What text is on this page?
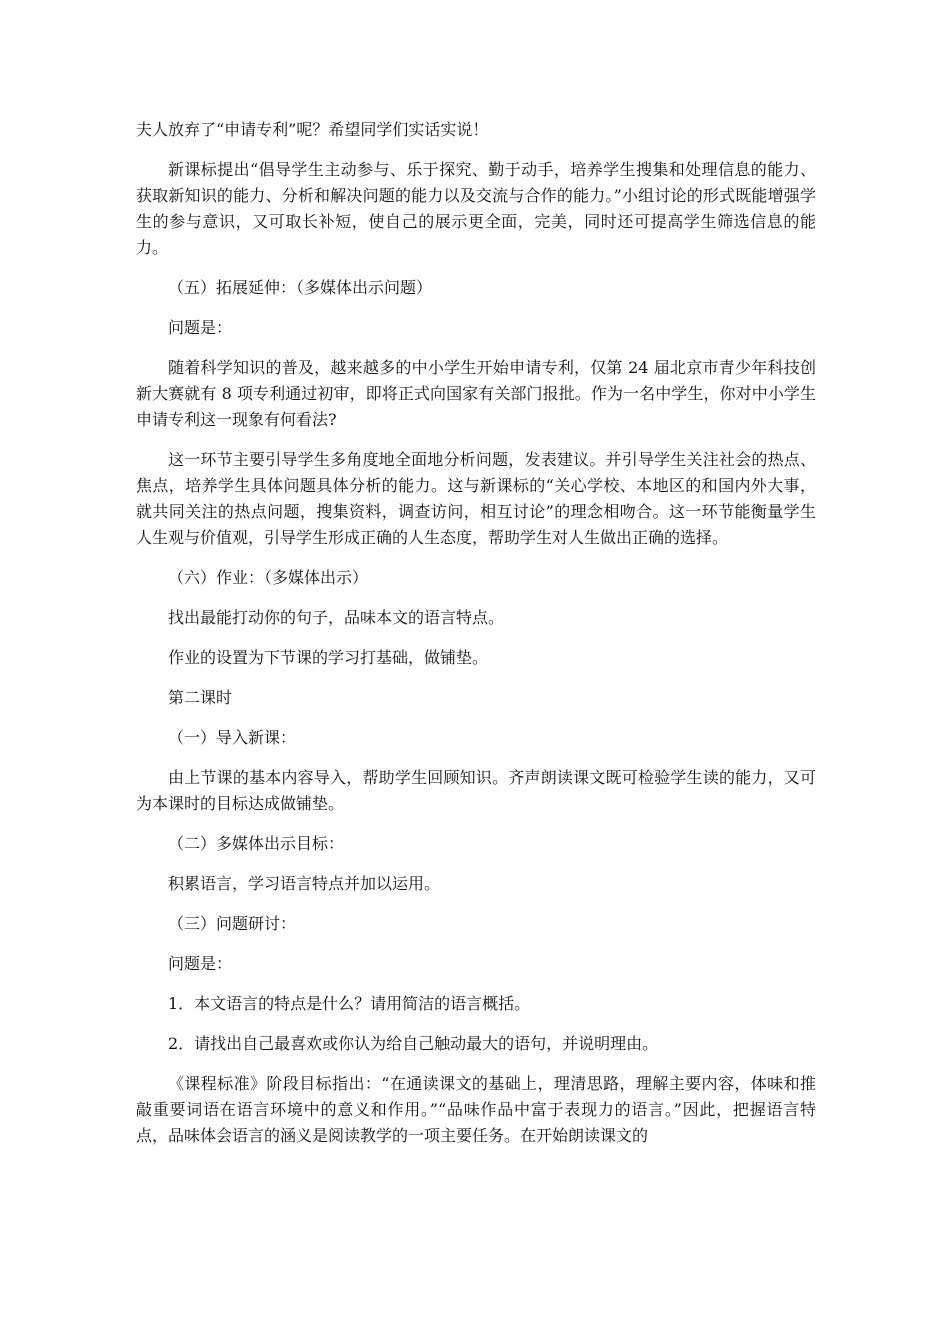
夫人放弃了“申请专利”呢？希望同学们实话实说！

新课标提出“倡导学生主动参与、乐于探究、勤于动手，培养学生搜集和处理信息的能力、获取新知识的能力、分析和解决问题的能力以及交流与合作的能力。”小组讨论的形式既能增强学生的参与意识，又可取长补短，使自己的展示更全面，完美，同时还可提高学生筛选信息的能力。

（五）拓展延伸：（多媒体出示问题）

问题是：

随着科学知识的普及，越来越多的中小学生开始申请专利，仅第 24 届北京市青少年科技创新大赛就有 8 项专利通过初审，即将正式向国家有关部门报批。作为一名中学生，你对中小学生申请专利这一现象有何看法?

这一环节主要引导学生多角度地全面地分析问题，发表建议。并引导学生关注社会的热点、焦点，培养学生具体问题具体分析的能力。这与新课标的“关心学校、本地区的和国内外大事，就共同关注的热点问题，搜集资料，调查访问，相互讨论”的理念相吻合。这一环节能衡量学生人生观与价值观，引导学生形成正确的人生态度，帮助学生对人生做出正确的选择。

（六）作业：（多媒体出示）

找出最能打动你的句子，品味本文的语言特点。

作业的设置为下节课的学习打基础，做铺垫。

第二课时

（一）导入新课：

由上节课的基本内容导入，帮助学生回顾知识。齐声朗读课文既可检验学生读的能力，又可为本课时的目标达成做铺垫。

（二）多媒体出示目标：

积累语言，学习语言特点并加以运用。

（三）问题研讨：

问题是：

1．本文语言的特点是什么？请用简洁的语言概括。

2．请找出自己最喜欢或你认为给自己触动最大的语句，并说明理由。

《课程标准》阶段目标指出：“在通读课文的基础上，理清思路，理解主要内容，体味和推敲重要词语在语言环境中的意义和作用。”“品味作品中富于表现力的语言。”因此，把握语言特点，品味体会语言的涵义是阅读教学的一项主要任务。在开始朗读课文的
